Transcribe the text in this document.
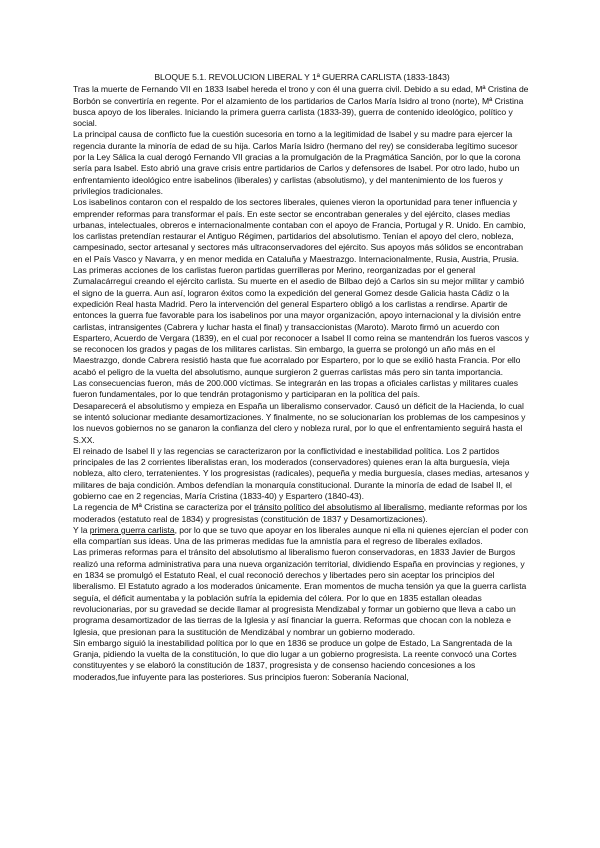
BLOQUE 5.1. REVOLUCION LIBERAL Y 1ª GUERRA CARLISTA (1833-1843)

Tras la muerte de Fernando VII en 1833 Isabel hereda el trono y con él una guerra civil. Debido a su edad, Mª Cristina de Borbón se convertiría en regente. Por el alzamiento de los partidarios de Carlos María Isidro al trono (norte), Mª Cristina busca apoyo de los liberales. Iniciando la primera guerra carlista (1833-39), guerra de contenido ideológico, político y social.

La principal causa de conflicto fue la cuestión sucesoria en torno a la legitimidad de Isabel y su madre para ejercer la regencia durante la minoría de edad de su hija. Carlos María Isidro (hermano del rey) se consideraba legítimo sucesor por la Ley Sálica la cual derogó Fernando VII gracias a la promulgación de la Pragmática Sanción, por lo que la corona sería para Isabel. Esto abrió una grave crisis entre partidarios de Carlos y defensores de Isabel. Por otro lado, hubo un enfrentamiento ideológico entre isabelinos (liberales) y carlistas (absolutismo), y del mantenimiento de los fueros y privilegios tradicionales.

Los isabelinos contaron con el respaldo de los sectores liberales, quienes vieron la oportunidad para tener influencia y emprender reformas para transformar el país. En este sector se encontraban generales y del ejército, clases medias urbanas, intelectuales, obreros e internacionalmente contaban con el apoyo de Francia, Portugal y R. Unido. En cambio, los carlistas pretendían restaurar el Antiguo Régimen, partidarios del absolutismo. Tenían el apoyo del clero, nobleza, campesinado, sector artesanal y sectores más ultraconservadores del ejército. Sus apoyos más sólidos se encontraban en el País Vasco y Navarra, y en menor medida en Cataluña y Maestrazgo. Internacionalmente, Rusia, Austria, Prusia.

Las primeras acciones de los carlistas fueron partidas guerrilleras por Merino, reorganizadas por el general Zumalacárregui creando el ejército carlista. Su muerte en el asedio de Bilbao dejó a Carlos sin su mejor militar y cambió el signo de la guerra. Aun así, lograron éxitos como la expedición del general Gomez desde Galicia hasta Cádiz o la expedición Real hasta Madrid. Pero la intervención del general Espartero obligó a los carlistas a rendirse. Apartir de entonces la guerra fue favorable para los isabelinos por una mayor organización, apoyo internacional y la división entre carlistas, intransigentes (Cabrera y luchar hasta el final) y transaccionistas (Maroto). Maroto firmó un acuerdo con Espartero, Acuerdo de Vergara (1839), en el cual por reconocer a Isabel II como reina se mantendrán los fueros vascos y se reconocen los grados y pagas de los militares carlistas. Sin embargo, la guerra se prolongó un año más en el Maestrazgo, donde Cabrera resistió hasta que fue acorralado por Espartero, por lo que se exilió hasta Francia. Por ello acabó el peligro de la vuelta del absolutismo, aunque surgieron 2 guerras carlistas más pero sin tanta importancia.

Las consecuencias fueron, más de 200.000 víctimas. Se integrarán en las tropas a oficiales carlistas y militares cuales fueron fundamentales, por lo que tendrán protagonismo y participaran en la política del país.

Desaparecerá el absolutismo y empieza en España un liberalismo conservador. Causó un déficit de la Hacienda, lo cual se intentó solucionar mediante desamortizaciones. Y finalmente, no se solucionarían los problemas de los campesinos y los nuevos gobiernos no se ganaron la confianza del clero y nobleza rural, por lo que el enfrentamiento seguirá hasta el S.XX.

El reinado de Isabel II y las regencias se caracterizaron por la conflictividad e inestabilidad política. Los 2 partidos principales de las 2 corrientes liberalistas eran, los moderados (conservadores) quienes eran la alta burguesía, vieja nobleza, alto clero, terratenientes. Y los progresistas (radicales), pequeña y media burguesía, clases medias, artesanos y militares de baja condición. Ambos defendían la monarquía constitucional. Durante la minoría de edad de Isabel II, el gobierno cae en 2 regencias, María Cristina (1833-40) y Espartero (1840-43).

La regencia de Mª Cristina se caracteriza por el tránsito político del absolutismo al liberalismo, mediante reformas por los moderados (estatuto real de 1834) y progresistas (constitución de 1837 y Desamortizaciones).

Y la primera guerra carlista, por lo que se tuvo que apoyar en los liberales aunque ni ella ni quienes ejercían el poder con ella compartían sus ideas. Una de las primeras medidas fue la amnistía para el regreso de liberales exilados.

Las primeras reformas para el tránsito del absolutismo al liberalismo fueron conservadoras, en 1833 Javier de Burgos realizó una reforma administrativa para una nueva organización territorial, dividiendo España en provincias y regiones, y en 1834 se promulgó el Estatuto Real, el cual reconoció derechos y libertades pero sin aceptar los principios del liberalismo. El Estatuto agrado a los moderados únicamente. Eran momentos de mucha tensión ya que la guerra carlista seguía, el déficit aumentaba y la población sufría la epidemia del cólera. Por lo que en 1835 estallan oleadas revolucionarias, por su gravedad se decide llamar al progresista Mendizabal y formar un gobierno que lleva a cabo un programa desamortizador de las tierras de la Iglesia y así financiar la guerra. Reformas que chocan con la nobleza e Iglesia, que presionan para la sustitución de Mendizábal y nombrar un gobierno moderado.

Sin embargo siguió la inestabilidad política por lo que en 1836 se produce un golpe de Estado, La Sangrentada de la Granja, pidiendo la vuelta de la constitución, lo que dio lugar a un gobierno progresista. La reente convocó una Cortes constituyentes y se elaboró la constitución de 1837, progresista y de consenso haciendo concesiones a los moderados,fue infuyente para las posteriores. Sus principios fueron: Soberanía Nacional,
